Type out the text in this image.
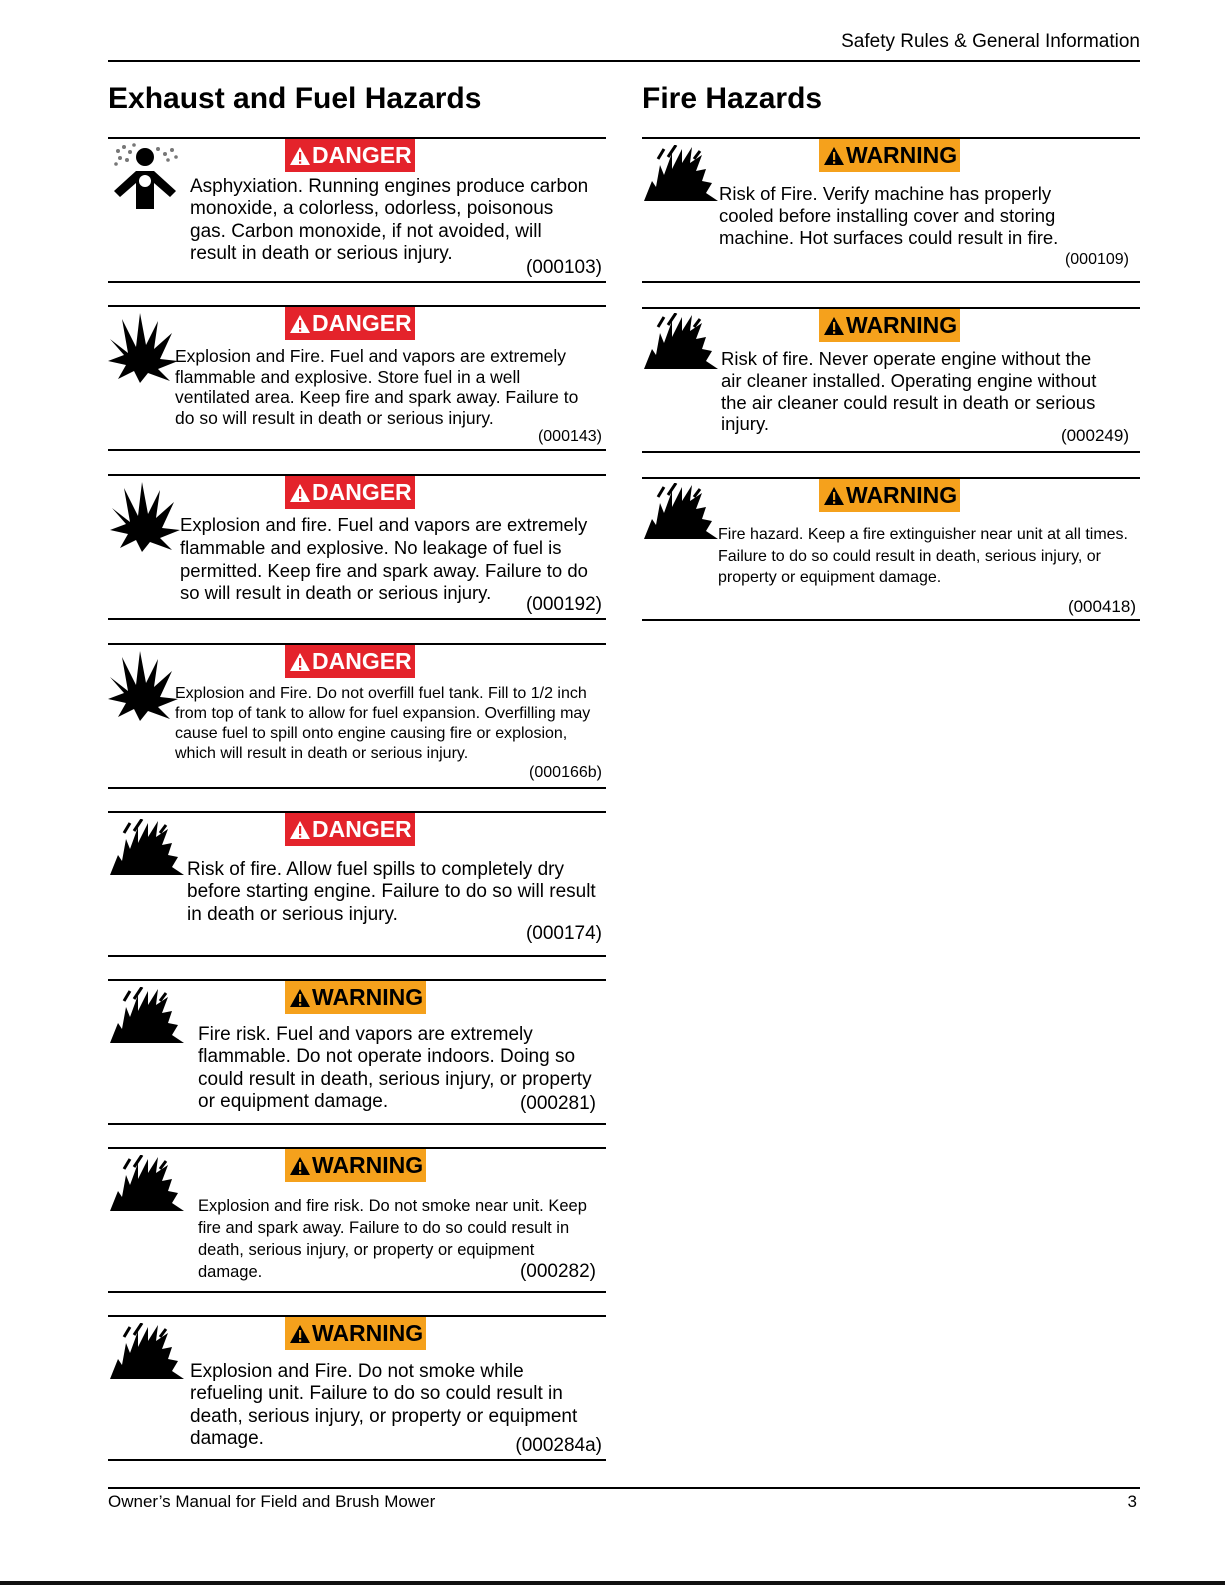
Safety Rules & General Information
Exhaust and Fuel Hazards	Fire Hazards
DANGER

Asphyxiation. Running engines produce carbon monoxide, a colorless, odorless, poisonous gas. Carbon monoxide, if not avoided, will result in death or serious injury.

(000103)
DANGER

Explosion and Fire. Fuel and vapors are extremely flammable and explosive. Store fuel in a well ventilated area. Keep fire and spark away. Failure to do so will result in death or serious injury.

(000143)
DANGER

Explosion and fire. Fuel and vapors are extremely flammable and explosive. No leakage of fuel is permitted. Keep fire and spark away. Failure to do so will result in death or serious injury.

(000192)
DANGER

Explosion and Fire. Do not overfill fuel tank. Fill to 1/2 inch from top of tank to allow for fuel expansion. Overfilling may cause fuel to spill onto engine causing fire or explosion, which will result in death or serious injury.

(000166b)
DANGER

Risk of fire. Allow fuel spills to completely dry before starting engine. Failure to do so will result in death or serious injury.

(000174)
WARNING

Fire risk. Fuel and vapors are extremely flammable. Do not operate indoors. Doing so could result in death, serious injury, or property or equipment damage.	(000281)
WARNING

Explosion and fire risk. Do not smoke near unit. Keep fire and spark away. Failure to do so could result in death, serious injury, or property or equipment damage.	(000282)
WARNING

Explosion and Fire. Do not smoke while refueling unit. Failure to do so could result in death, serious injury, or property or equipment damage.	(000284a)
WARNING

Risk of Fire. Verify machine has properly cooled before installing cover and storing machine. Hot surfaces could result in fire.

(000109)
WARNING

Risk of fire. Never operate engine without the air cleaner installed. Operating engine without the air cleaner could result in death or serious injury.

(000249)
WARNING

Fire hazard. Keep a fire extinguisher near unit at all times. Failure to do so could result in death, serious injury, or property or equipment damage.

(000418)
Owner’s Manual for Field and Brush Mower	3
